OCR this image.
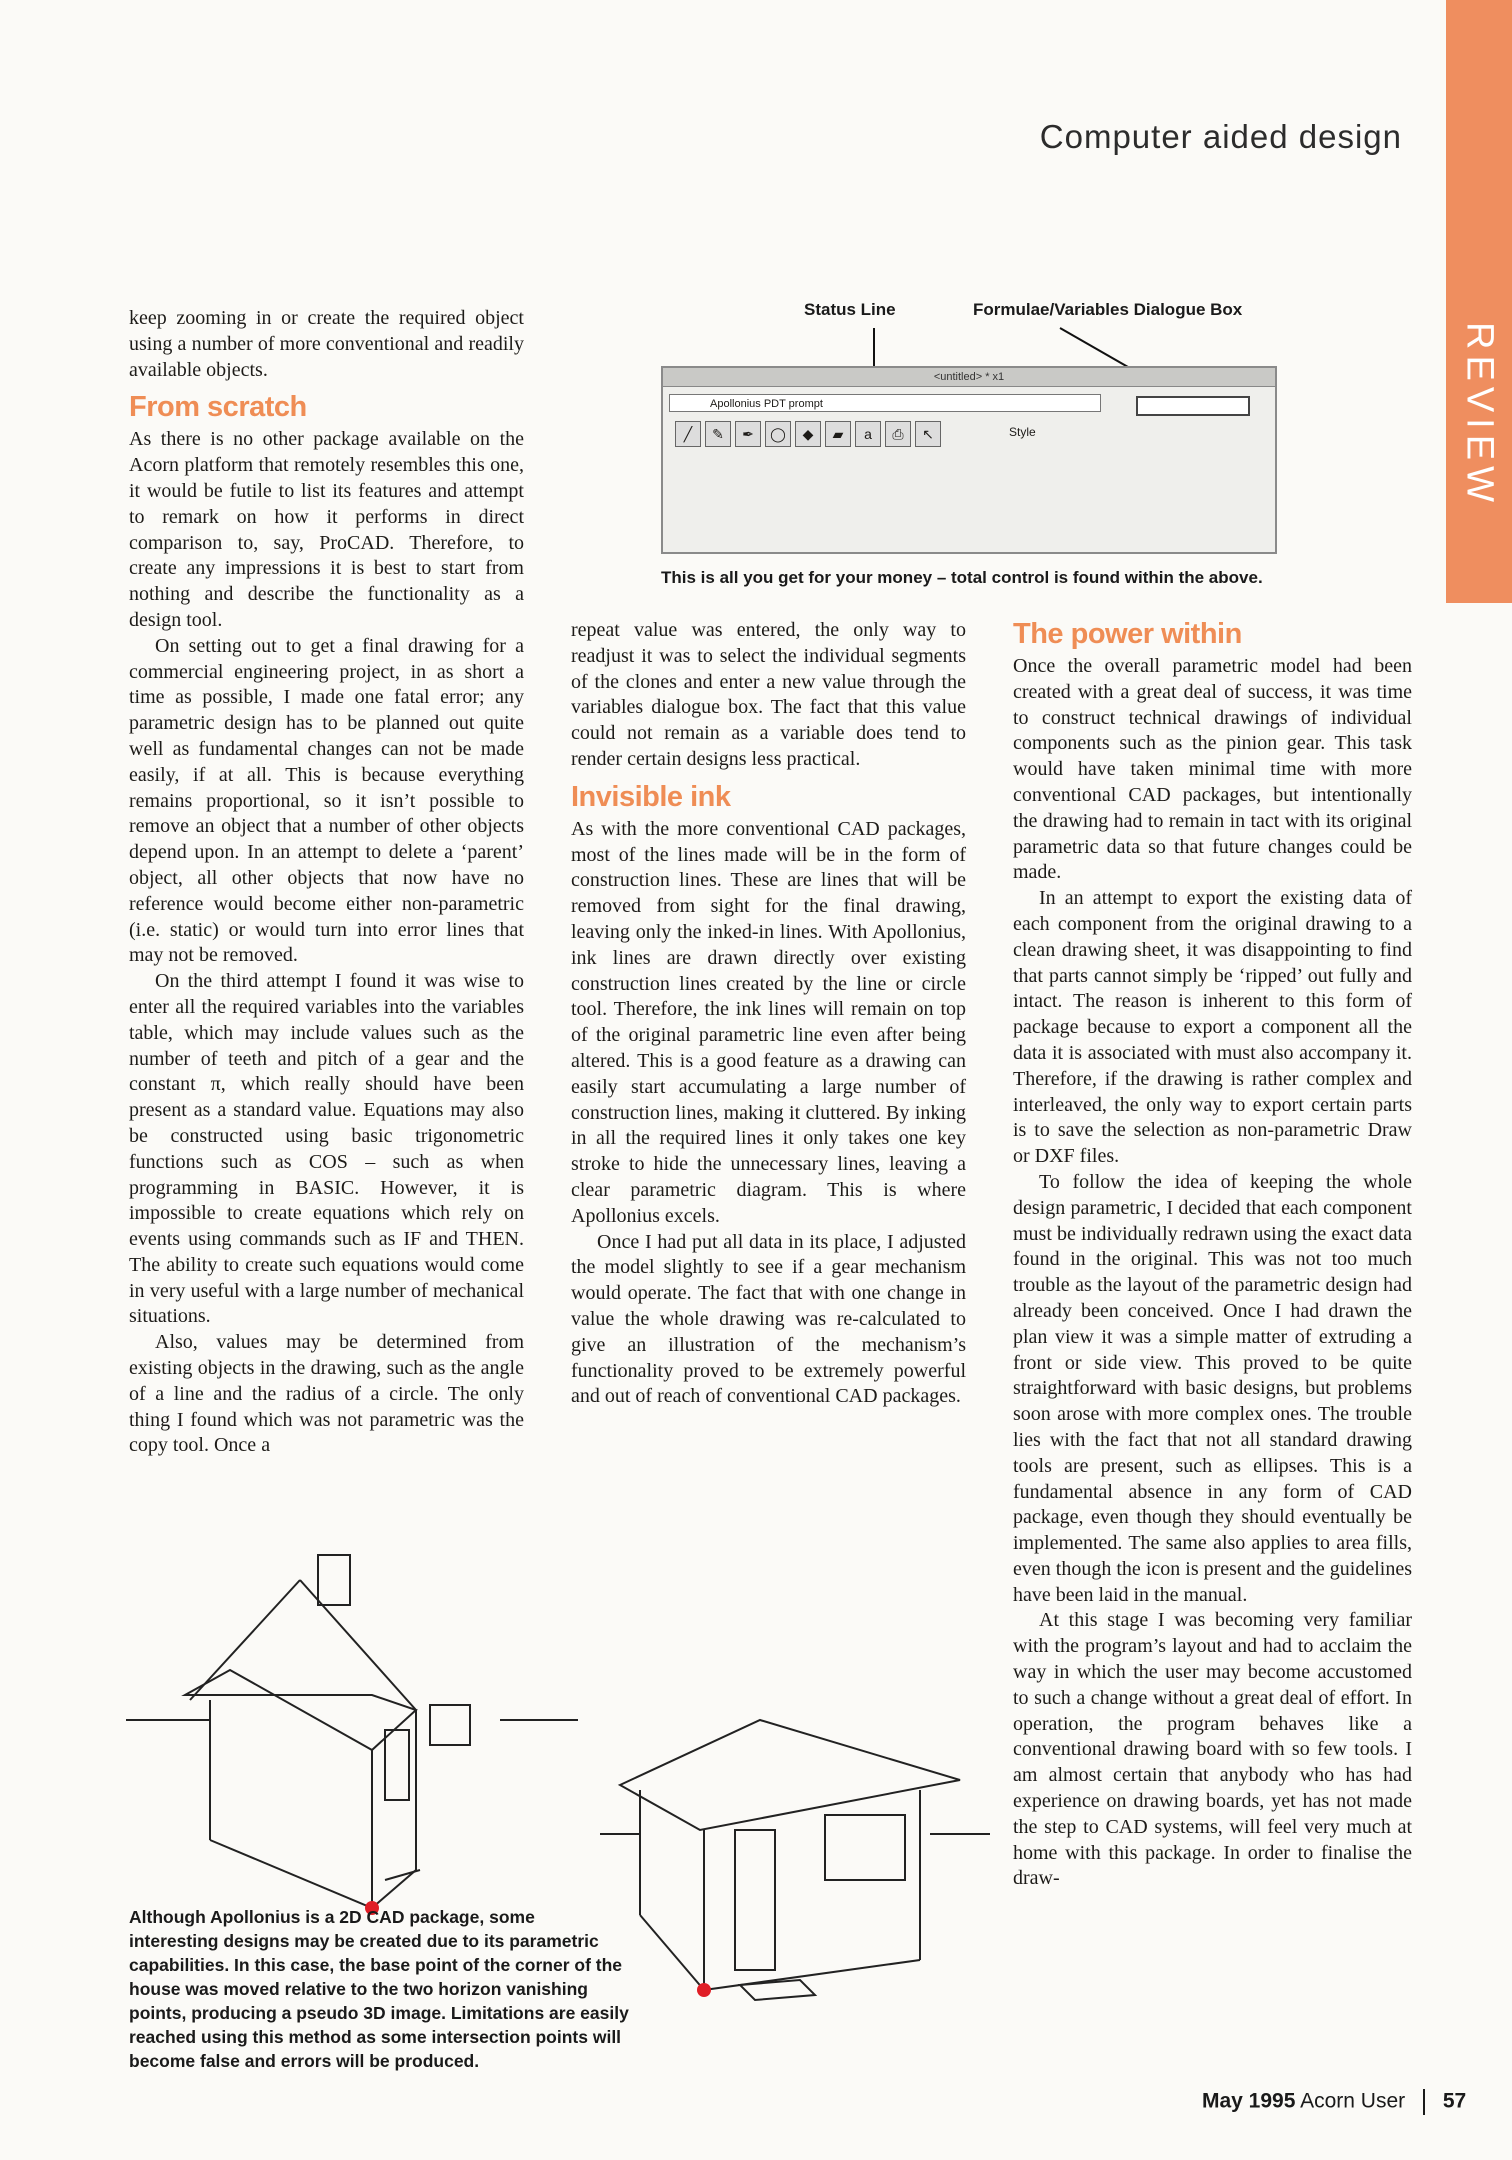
Computer aided design
REVIEW
Status Line	Formulae/Variables Dialogue Box
<untitled> * x1
Apollonius PDT prompt
╱	✎	✒	◯	◆	▰	a	⎙	↖	Style
This is all you get for your money – total control is found within the above.

keep zooming in or create the required object using a number of more conventional and readily available objects.

From scratch

As there is no other package available on the Acorn platform that remotely resembles this one, it would be futile to list its features and attempt to remark on how it performs in direct comparison to, say, ProCAD. Therefore, to create any impressions it is best to start from nothing and describe the functionality as a design tool.

On setting out to get a final drawing for a commercial engineering project, in as short a time as possible, I made one fatal error; any parametric design has to be planned out quite well as fundamental changes can not be made easily, if at all. This is because everything remains proportional, so it isn’t possible to remove an object that a number of other objects depend upon. In an attempt to delete a ‘parent’ object, all other objects that now have no reference would become either non-parametric (i.e. static) or would turn into error lines that may not be removed.

On the third attempt I found it was wise to enter all the required variables into the variables table, which may include values such as the number of teeth and pitch of a gear and the constant π, which really should have been present as a standard value. Equations may also be constructed using basic trigonometric functions such as COS – such as when programming in BASIC. However, it is impossible to create equations which rely on events using commands such as IF and THEN. The ability to create such equations would come in very useful with a large number of mechanical situations.

Also, values may be determined from existing objects in the drawing, such as the angle of a line and the radius of a circle. The only thing I found which was not parametric was the copy tool. Once a

repeat value was entered, the only way to readjust it was to select the individual segments of the clones and enter a new value through the variables dialogue box. The fact that this value could not remain as a variable does tend to render certain designs less practical.

Invisible ink

As with the more conventional CAD packages, most of the lines made will be in the form of construction lines. These are lines that will be removed from sight for the final drawing, leaving only the inked-in lines. With Apollonius, ink lines are drawn directly over existing construction lines created by the line or circle tool. Therefore, the ink lines will remain on top of the original parametric line even after being altered. This is a good feature as a drawing can easily start accumulating a large number of construction lines, making it cluttered. By inking in all the required lines it only takes one key stroke to hide the unnecessary lines, leaving a clear parametric diagram. This is where Apollonius excels.

Once I had put all data in its place, I adjusted the model slightly to see if a gear mechanism would operate. The fact that with one change in value the whole drawing was re-calculated to give an illustration of the mechanism’s functionality proved to be extremely powerful and out of reach of conventional CAD packages.

The power within

Once the overall parametric model had been created with a great deal of success, it was time to construct technical drawings of individual components such as the pinion gear. This task would have taken minimal time with more conventional CAD packages, but intentionally the drawing had to remain in tact with its original parametric data so that future changes could be made.

In an attempt to export the existing data of each component from the original drawing to a clean drawing sheet, it was disappointing to find that parts cannot simply be ‘ripped’ out fully and intact. The reason is inherent to this form of package because to export a component all the data it is associated with must also accompany it. Therefore, if the drawing is rather complex and interleaved, the only way to export certain parts is to save the selection as non-parametric Draw or DXF files.

To follow the idea of keeping the whole design parametric, I decided that each component must be individually redrawn using the exact data found in the original. This was not too much trouble as the layout of the parametric design had already been conceived. Once I had drawn the plan view it was a simple matter of extruding a front or side view. This proved to be quite straightforward with basic designs, but problems soon arose with more complex ones. The trouble lies with the fact that not all standard drawing tools are present, such as ellipses. This is a fundamental absence in any form of CAD package, even though they should eventually be implemented. The same also applies to area fills, even though the icon is present and the guidelines have been laid in the manual.

At this stage I was becoming very familiar with the program’s layout and had to acclaim the way in which the user may become accustomed to such a change without a great deal of effort. In operation, the program behaves like a conventional drawing board with so few tools. I am almost certain that anybody who has had experience on drawing boards, yet has not made the step to CAD systems, will feel very much at home with this package. In order to finalise the draw-

Although Apollonius is a 2D CAD package, some interesting designs may be created due to its parametric capabilities. In this case, the base point of the corner of the house was moved relative to the two horizon vanishing points, producing a pseudo 3D image. Limitations are easily reached using this method as some intersection points will become false and errors will be produced.
May 1995 Acorn User 57
